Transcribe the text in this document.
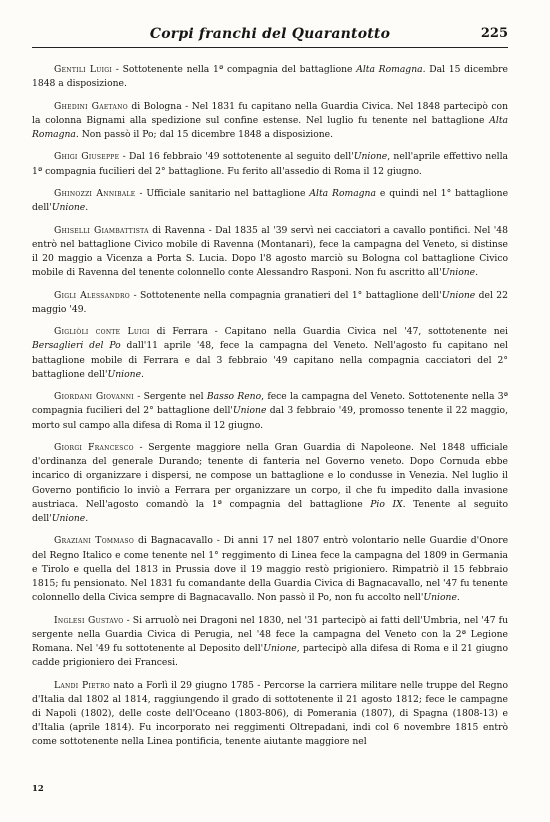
Corpi franchi del Quarantotto	225

Gentili Luigi - Sottotenente nella 1ª compagnia del battaglione Alta Romagna. Dal 15 dicembre 1848 a disposizione.

Ghedini Gaetano di Bologna - Nel 1831 fu capitano nella Guardia Civica. Nel 1848 partecipò con la colonna Bignami alla spedizione sul confine estense. Nel luglio fu tenente nel battaglione Alta Romagna. Non passò il Po; dal 15 dicembre 1848 a disposizione.

Ghigi Giuseppe - Dal 16 febbraio '49 sottotenente al seguito dell'Unione, nell'aprile effettivo nella 1ª compagnia fucilieri del 2° battaglione. Fu ferito all'assedio di Roma il 12 giugno.

Ghinozzi Annibale - Ufficiale sanitario nel battaglione Alta Romagna e quindi nel 1° battaglione dell'Unione.

Ghiselli Giambattista di Ravenna - Dal 1835 al '39 servì nei cacciatori a cavallo pontifici. Nel '48 entrò nel battaglione Civico mobile di Ravenna (Montanari), fece la campagna del Veneto, si distinse il 20 maggio a Vicenza a Porta S. Lucia. Dopo l'8 agosto marciò su Bologna col battaglione Civico mobile di Ravenna del tenente colonnello conte Alessandro Rasponi. Non fu ascritto all'Unione.

Gigli Alessandro - Sottotenente nella compagnia granatieri del 1° battaglione dell'Unione del 22 maggio '49.

Gigliòli conte Luigi di Ferrara - Capitano nella Guardia Civica nel '47, sottotenente nei Bersaglieri del Po dall'11 aprile '48, fece la campagna del Veneto. Nell'agosto fu capitano nel battaglione mobile di Ferrara e dal 3 febbraio '49 capitano nella compagnia cacciatori del 2° battaglione dell'Unione.

Giordani Giovanni - Sergente nel Basso Reno, fece la campagna del Veneto. Sottotenente nella 3ª compagnia fucilieri del 2° battaglione dell'Unione dal 3 febbraio '49, promosso tenente il 22 maggio, morto sul campo alla difesa di Roma il 12 giugno.

Giorgi Francesco - Sergente maggiore nella Gran Guardia di Napoleone. Nel 1848 ufficiale d'ordinanza del generale Durando; tenente di fanteria nel Governo veneto. Dopo Cornuda ebbe incarico di organizzare i dispersi, ne compose un battaglione e lo condusse in Venezia. Nel luglio il Governo pontificio lo inviò a Ferrara per organizzare un corpo, il che fu impedito dalla invasione austriaca. Nell'agosto comandò la 1ª compagnia del battaglione Pio IX. Tenente al seguito dell'Unione.

Graziani Tommaso di Bagnacavallo - Di anni 17 nel 1807 entrò volontario nelle Guardie d'Onore del Regno Italico e come tenente nel 1° reggimento di Linea fece la campagna del 1809 in Germania e Tirolo e quella del 1813 in Prussia dove il 19 maggio restò prigioniero. Rimpatriò il 15 febbraio 1815; fu pensionato. Nel 1831 fu comandante della Guardia Civica di Bagnacavallo, nel '47 fu tenente colonnello della Civica sempre di Bagnacavallo. Non passò il Po, non fu accolto nell'Unione.

Inglesi Gustavo - Si arruolò nei Dragoni nel 1830, nel '31 partecipò ai fatti dell'Umbria, nel '47 fu sergente nella Guardia Civica di Perugia, nel '48 fece la campagna del Veneto con la 2ª Legione Romana. Nel '49 fu sottotenente al Deposito dell'Unione, partecipò alla difesa di Roma e il 21 giugno cadde prigioniero dei Francesi.

Landi Pietro nato a Forlì il 29 giugno 1785 - Percorse la carriera militare nelle truppe del Regno d'Italia dal 1802 al 1814, raggiungendo il grado di sottotenente il 21 agosto 1812; fece le campagne di Napoli (1802), delle coste dell'Oceano (1803-806), di Pomerania (1807), di Spagna (1808-13) e d'Italia (aprile 1814). Fu incorporato nei reggimenti Oltrepadani, indi col 6 novembre 1815 entrò come sottotenente nella Linea pontificia, tenente aiutante maggiore nel

12
